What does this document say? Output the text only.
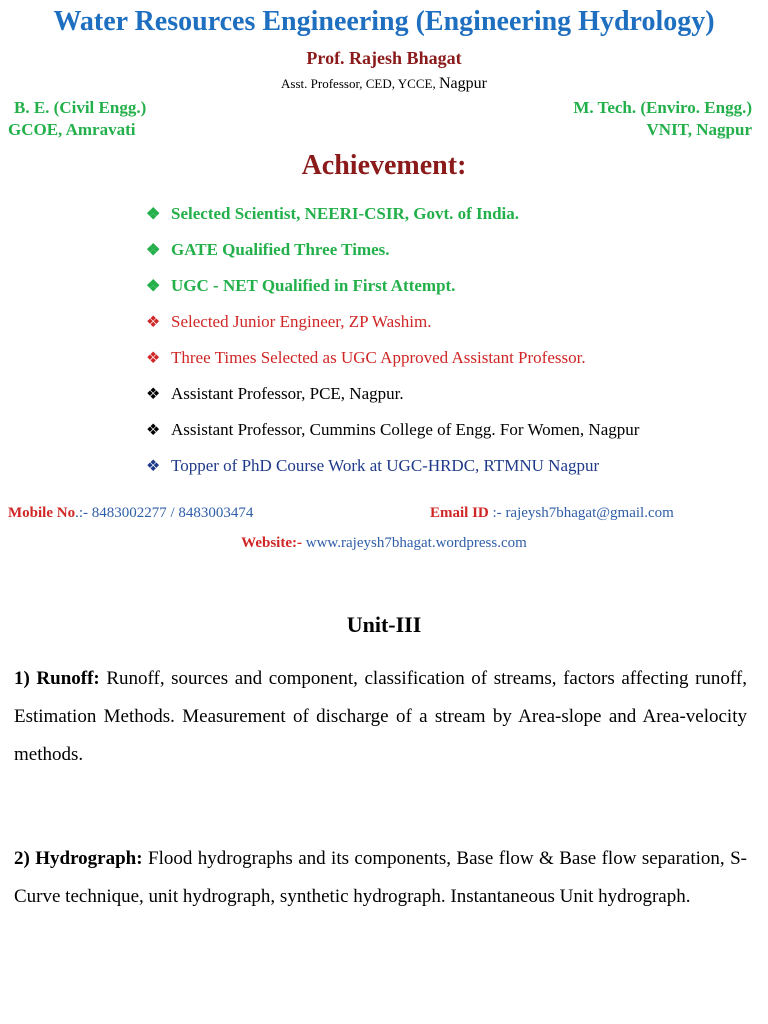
Water Resources Engineering (Engineering Hydrology)
Prof. Rajesh Bhagat
Asst. Professor, CED, YCCE, Nagpur
B. E. (Civil Engg.)
GCOE, Amravati
M. Tech. (Enviro. Engg.)
VNIT, Nagpur
Achievement:
❖ Selected Scientist, NEERI-CSIR, Govt. of India.
❖ GATE Qualified Three Times.
❖ UGC - NET Qualified in First Attempt.
❖ Selected Junior Engineer, ZP Washim.
❖ Three Times Selected as UGC Approved Assistant Professor.
❖ Assistant Professor, PCE, Nagpur.
❖ Assistant Professor, Cummins College of Engg. For Women, Nagpur
❖ Topper of PhD Course Work at UGC-HRDC, RTMNU Nagpur
Mobile No.:- 8483002277 / 8483003474	Email ID :- rajeysh7bhagat@gmail.com
Website:- www.rajeysh7bhagat.wordpress.com
Unit-III

1) Runoff: Runoff, sources and component, classification of streams, factors affecting runoff, Estimation Methods. Measurement of discharge of a stream by Area-slope and Area-velocity methods.

2) Hydrograph: Flood hydrographs and its components, Base flow & Base flow separation, S-Curve technique, unit hydrograph, synthetic hydrograph. Instantaneous Unit hydrograph.
